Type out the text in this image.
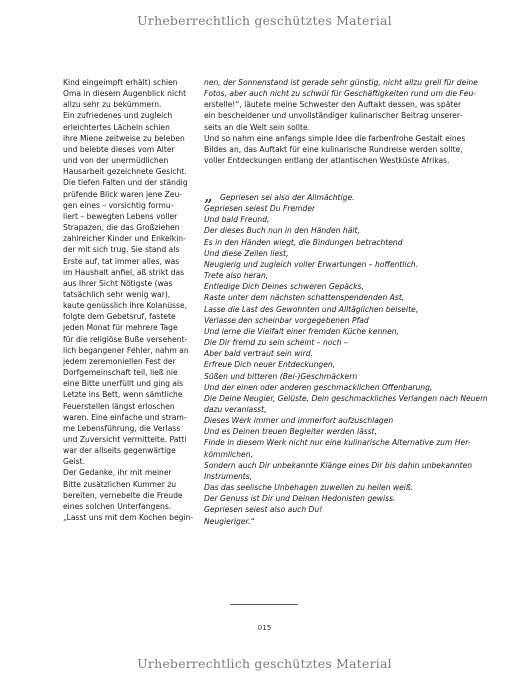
Urheberrechtlich geschütztes Material
Kind eingeimpft erhält) schien
Oma in diesem Augenblick nicht
allzu sehr zu bekümmern.
Ein zufriedenes und zugleich
erleichtertes Lächeln schien
ihre Miene zeitweise zu beleben
und belebte dieses vom Alter
und von der unermüdlichen
Hausarbeit gezeichnete Gesicht.
Die tiefen Falten und der ständig
prüfende Blick waren jene Zeu-
gen eines – vorsichtig formu-
liert – bewegten Lebens voller
Strapazen, die das Großziehen
zahlreicher Kinder und Enkelkin-
der mit sich trug. Sie stand als
Erste auf, tat immer alles, was
im Haushalt anfiel, aß strikt das
aus Ihrer Sicht Nötigste (was
tatsächlich sehr wenig war),
kaute genüsslich ihre Kolanüsse,
folgte dem Gebetsruf, fastete
jeden Monat für mehrere Tage
für die religiöse Buße versehent-
lich begangener Fehler, nahm an
jedem zeremoniellen Fest der
Dorfgemeinschaft teil, ließ nie
eine Bitte unerfüllt und ging als
Letzte ins Bett, wenn sämtliche
Feuerstellen längst erloschen
waren. Eine einfache und stram-
me Lebensführung, die Verlass
und Zuversicht vermittelte. Patti
war der allseits gegenwärtige
Geist.
Der Gedanke, ihr mit meiner
Bitte zusätzlichen Kummer zu
bereiten, vernebelte die Freude
eines solchen Unterfangens.
„Lasst uns mit dem Kochen begin-
nen, der Sonnenstand ist gerade sehr günstig, nicht allzu grell für deine
Fotos, aber auch nicht zu schwül für Geschäftigkeiten rund um die Feu-
erstelle!“, läutete meine Schwester den Auftakt dessen, was später
ein bescheidener und unvollständiger kulinarischer Beitrag unserer-
seits an die Welt sein sollte.
Und so nahm eine anfangs simple Idee die farbenfrohe Gestalt eines
Bildes an, das Auftakt für eine kulinarische Rundreise werden sollte,
voller Entdeckungen entlang der atlantischen Westküste Afrikas.
„ Gepriesen sei also der Allmächtige.
Gepriesen seiest Du Fremder
Und bald Freund,
Der dieses Buch nun in den Händen hält,
Es in den Händen wiegt, die Bindungen betrachtend
Und diese Zeilen liest,
Neugierig und zugleich voller Erwartungen – hoffentlich.
Trete also heran,
Entledige Dich Deines schweren Gepäcks,
Raste unter dem nächsten schattenspendenden Ast,
Lasse die Last des Gewohnten und Alltäglichen beiseite,
Verlasse den scheinbar vorgegebenen Pfad
Und lerne die Vielfalt einer fremden Küche kennen,
Die Dir fremd zu sein scheint – noch –
Aber bald vertraut sein wird.
Erfreue Dich neuer Entdeckungen,
Süßen und bitteren (Bei-)Geschmäckern
Und der einen oder anderen geschmacklichen Offenbarung,
Die Deine Neugier, Gelüste, Dein geschmackliches Verlangen nach Neuem
dazu veranlasst,
Dieses Werk immer und immerfort aufzuschlagen
Und es Deinen treuen Begleiter werden lässt,
Finde in diesem Werk nicht nur eine kulinarische Alternative zum Her-
kömmlichen,
Sondern auch Dir unbekannte Klänge eines Dir bis dahin unbekannten
Instruments,
Das das seelische Unbehagen zuweilen zu heilen weiß.
Der Genuss ist Dir und Deinen Hedonisten gewiss.
Gepriesen seiest also auch Du!
Neugieriger.“
015
Urheberrechtlich geschütztes Material
